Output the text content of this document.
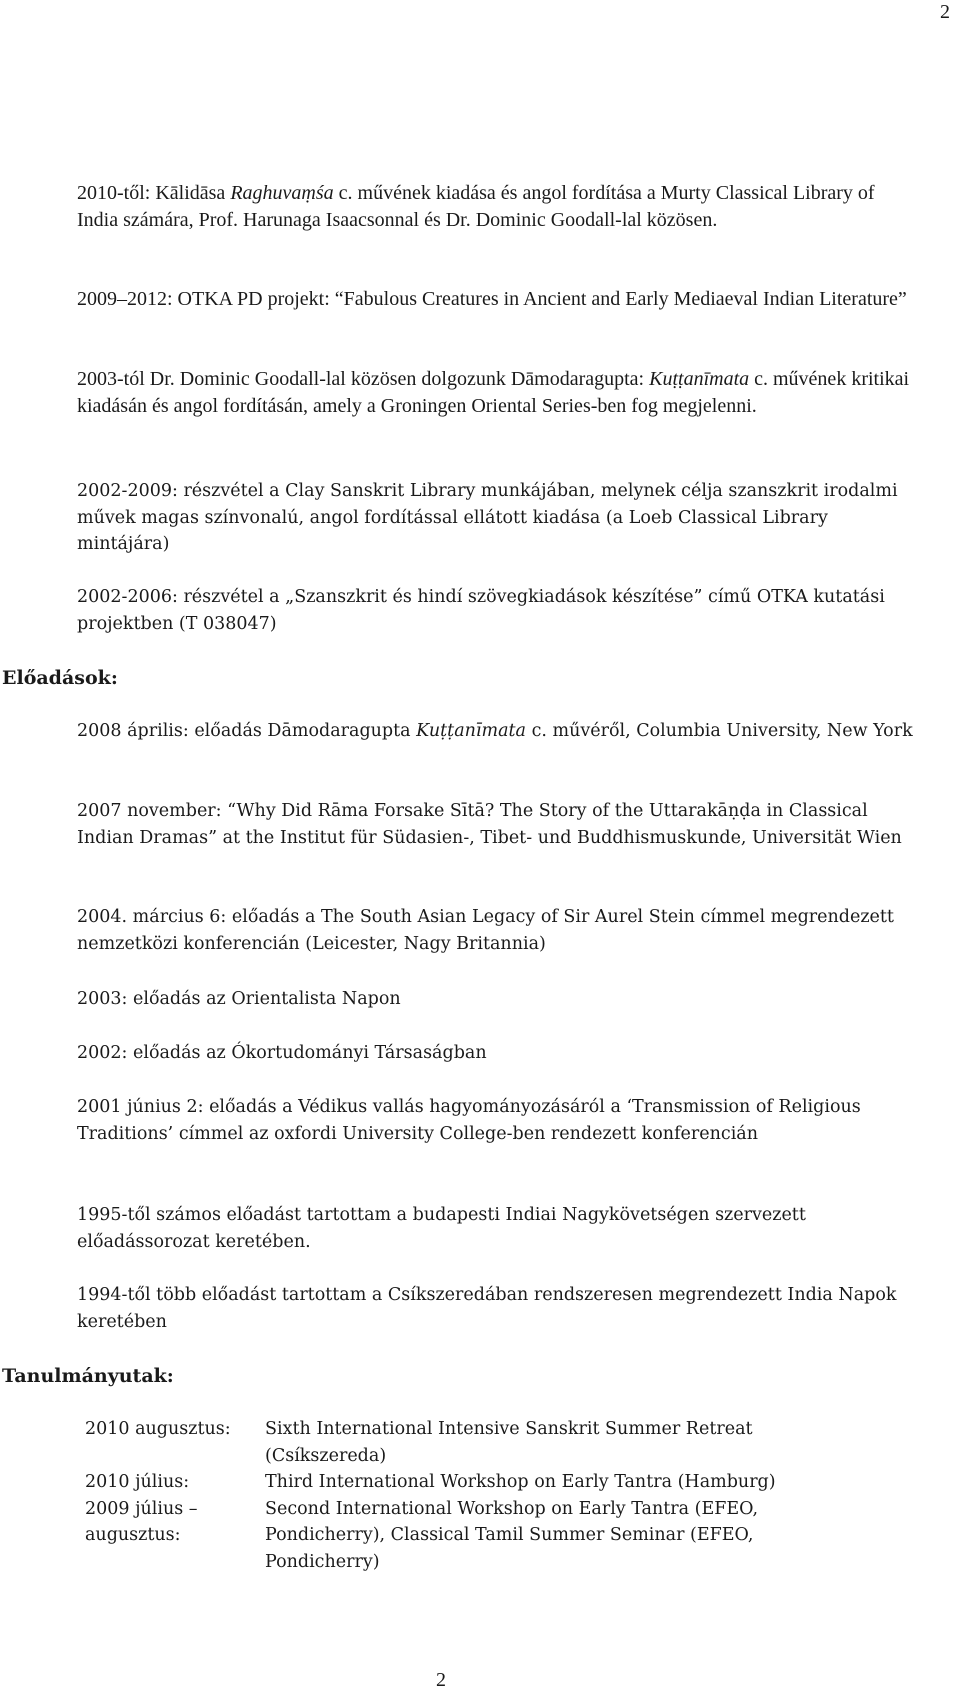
2

2010-től: Kālidāsa Raghuvaṃśa c. művének kiadása és angol fordítása a Murty Classical Library of India számára, Prof. Harunaga Isaacsonnal és Dr. Dominic Goodall-lal közösen.

2009–2012: OTKA PD projekt: “Fabulous Creatures in Ancient and Early Mediaeval Indian Literature”

2003-tól Dr. Dominic Goodall-lal közösen dolgozunk Dāmodaragupta: Kuṭṭanīmata c. művének kritikai kiadásán és angol fordításán, amely a Groningen Oriental Series-ben fog megjelenni.

2002-2009: részvétel a Clay Sanskrit Library munkájában, melynek célja szanszkrit irodalmi művek magas színvonalú, angol fordítással ellátott kiadása (a Loeb Classical Library mintájára)

2002-2006: részvétel a „Szanszkrit és hindí szövegkiadások készítése” című OTKA kutatási projektben (T 038047)

Előadások:

2008 április: előadás Dāmodaragupta Kuṭṭanīmata c. művéről, Columbia University, New York

2007 november: “Why Did Rāma Forsake Sītā? The Story of the Uttarakāṇḍa in Classical Indian Dramas” at the Institut für Südasien-, Tibet- und Buddhismuskunde, Universität Wien

2004. március 6: előadás a The South Asian Legacy of Sir Aurel Stein címmel megrendezett nemzetközi konferencián (Leicester, Nagy Britannia)

2003: előadás az Orientalista Napon

2002: előadás az Ókortudományi Társaságban

2001 június 2: előadás a Védikus vallás hagyományozásáról a ‘Transmission of Religious Traditions’ címmel az oxfordi University College-ben rendezett konferencián

1995-től számos előadást tartottam a budapesti Indiai Nagykövetségen szervezett előadássorozat keretében.

1994-től több előadást tartottam a Csíkszeredában rendszeresen megrendezett India Napok keretében

Tanulmányutak:
2010 augusztus:	Sixth International Intensive Sanskrit Summer Retreat (Csíkszereda)
2010 július:	Third International Workshop on Early Tantra (Hamburg)
2009 július – augusztus:	Second International Workshop on Early Tantra (EFEO, Pondicherry), Classical Tamil Summer Seminar (EFEO, Pondicherry)
2
